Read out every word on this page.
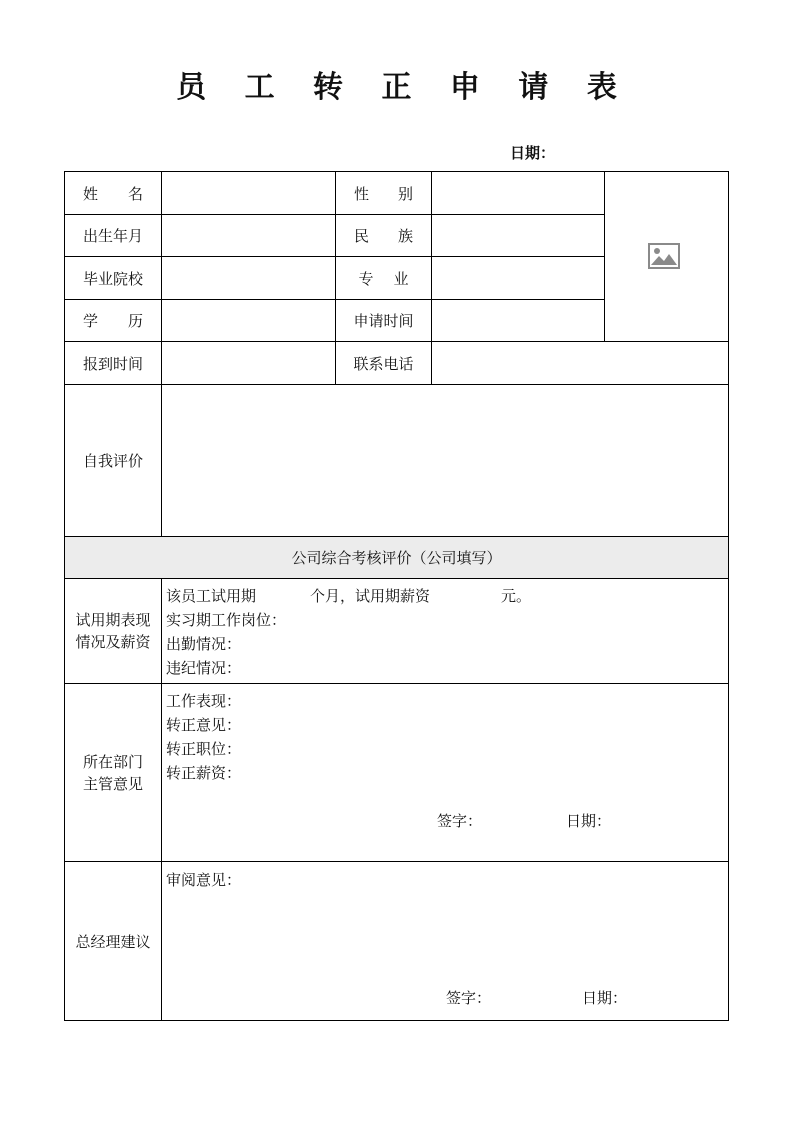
员 工 转 正 申 请 表
日期：
姓 名	性 别
出生年月	民 族
毕业院校	专 业
学 历	申请时间
报到时间	联系电话
自我评价
公司综合考核评价（公司填写）
试用期表现
情况及薪资
该员工试用期	个月，试用期薪资	元。
实习期工作岗位：
出勤情况：
违纪情况：
所在部门
主管意见
工作表现：
转正意见：
转正职位：
转正薪资：
签字：	日期：
总经理建议
审阅意见：
签字：	日期：
